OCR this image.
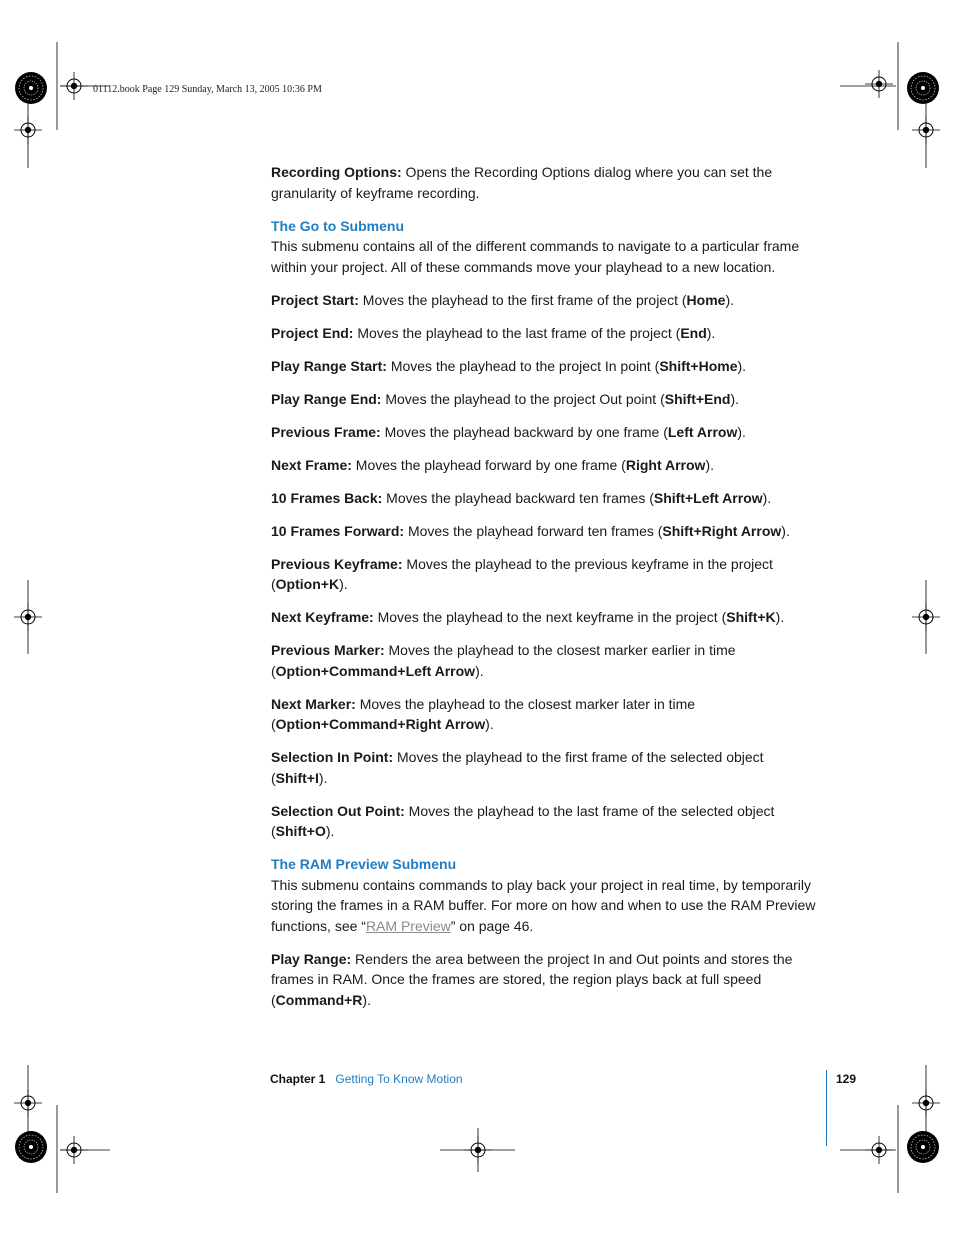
01112.book Page 129 Sunday, March 13, 2005 10:36 PM

Recording Options: Opens the Recording Options dialog where you can set the granularity of keyframe recording.

The Go to Submenu

This submenu contains all of the different commands to navigate to a particular frame within your project. All of these commands move your playhead to a new location.

Project Start: Moves the playhead to the first frame of the project (Home).

Project End: Moves the playhead to the last frame of the project (End).

Play Range Start: Moves the playhead to the project In point (Shift+Home).

Play Range End: Moves the playhead to the project Out point (Shift+End).

Previous Frame: Moves the playhead backward by one frame (Left Arrow).

Next Frame: Moves the playhead forward by one frame (Right Arrow).

10 Frames Back: Moves the playhead backward ten frames (Shift+Left Arrow).

10 Frames Forward: Moves the playhead forward ten frames (Shift+Right Arrow).

Previous Keyframe: Moves the playhead to the previous keyframe in the project (Option+K).

Next Keyframe: Moves the playhead to the next keyframe in the project (Shift+K).

Previous Marker: Moves the playhead to the closest marker earlier in time (Option+Command+Left Arrow).

Next Marker: Moves the playhead to the closest marker later in time (Option+Command+Right Arrow).

Selection In Point: Moves the playhead to the first frame of the selected object (Shift+I).

Selection Out Point: Moves the playhead to the last frame of the selected object (Shift+O).

The RAM Preview Submenu

This submenu contains commands to play back your project in real time, by temporarily storing the frames in a RAM buffer. For more on how and when to use the RAM Preview functions, see “RAM Preview” on page 46.

Play Range: Renders the area between the project In and Out points and stores the frames in RAM. Once the frames are stored, the region plays back at full speed (Command+R).

Chapter 1 Getting To Know Motion	129
